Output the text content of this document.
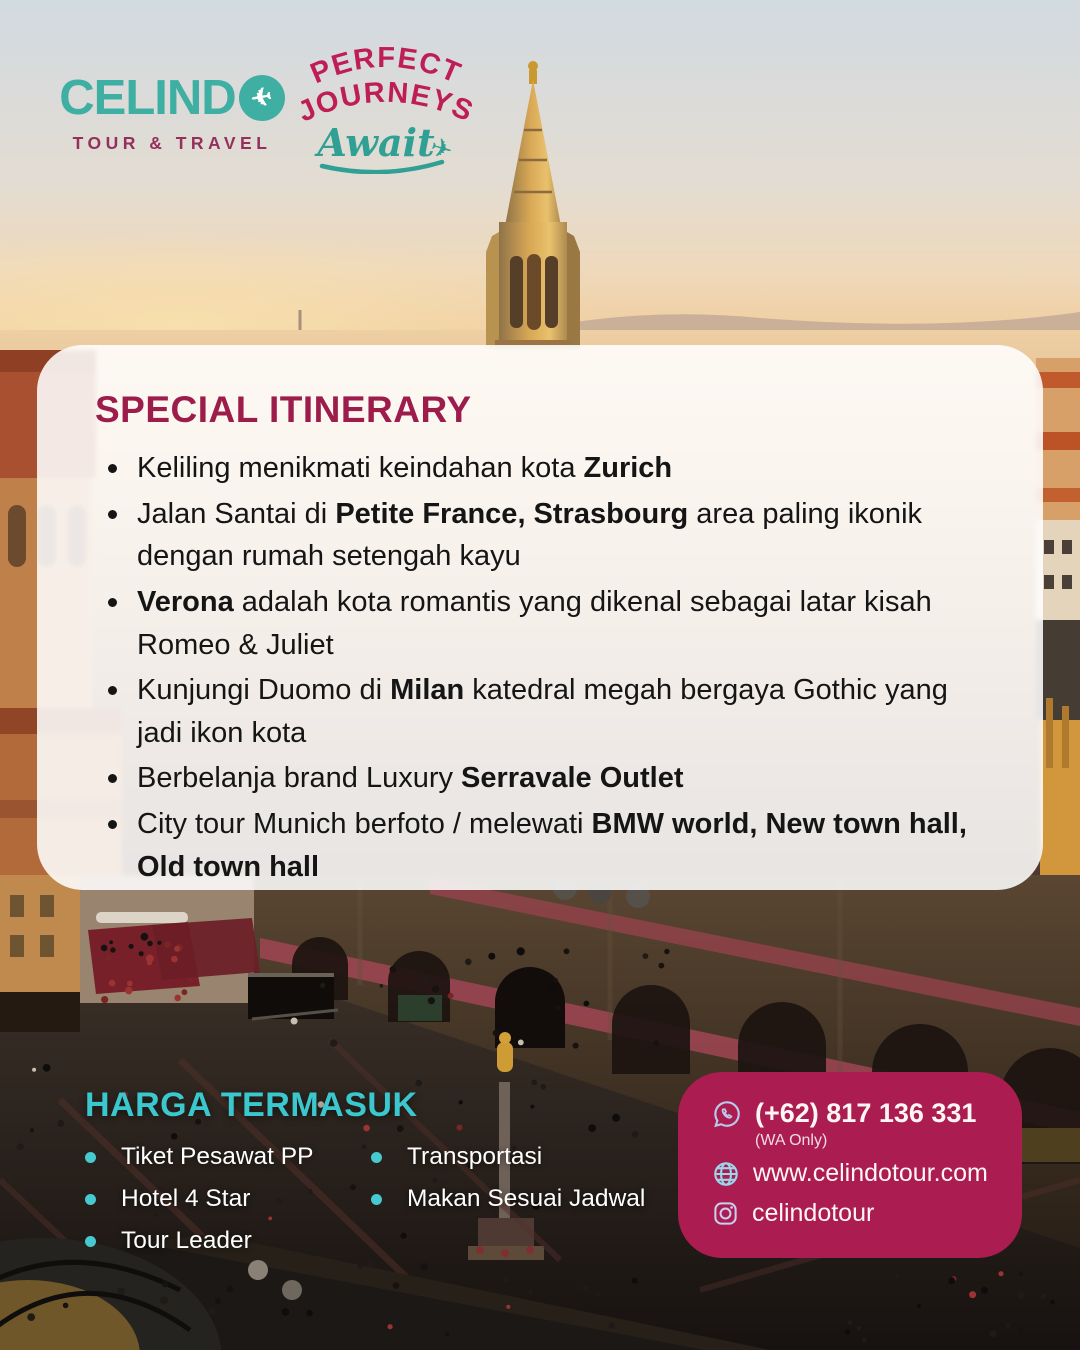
CELIND ✈
TOUR & TRAVEL
PERFECT
JOURNEYS
Await
✈
SPECIAL ITINERARY
Keliling menikmati keindahan kota Zurich
Jalan Santai di Petite France, Strasbourg area paling ikonik dengan rumah setengah kayu
Verona adalah kota romantis yang dikenal sebagai latar kisah Romeo & Juliet
Kunjungi Duomo di Milan katedral megah bergaya Gothic yang jadi ikon kota
Berbelanja brand Luxury Serravale Outlet
City tour Munich berfoto / melewati BMW world, New town hall, Old town hall
HARGA TERMASUK
Tiket Pesawat PP
Hotel 4 Star
Tour Leader
Transportasi
Makan Sesuai Jadwal
(+62) 817 136 331
(WA Only)
www.celindotour.com
celindotour
